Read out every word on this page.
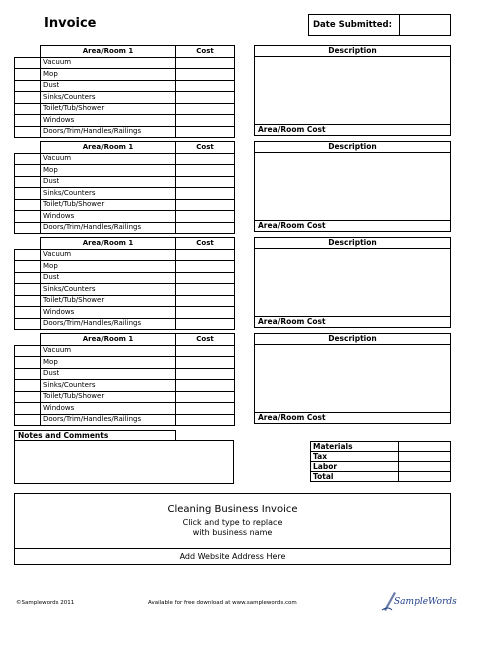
Invoice	Date Submitted:
	Area/Room 1	Cost
	Vacuum	
	Mop	
	Dust	
	Sinks/Counters	
	Toilet/Tub/Shower	
	Windows	
	Doors/Trim/Handles/Railings	
Description
Area/Room Cost
	Area/Room 1	Cost
	Vacuum	
	Mop	
	Dust	
	Sinks/Counters	
	Toilet/Tub/Shower	
	Windows	
	Doors/Trim/Handles/Railings	
Description
Area/Room Cost
	Area/Room 1	Cost
	Vacuum	
	Mop	
	Dust	
	Sinks/Counters	
	Toilet/Tub/Shower	
	Windows	
	Doors/Trim/Handles/Railings	
Description
Area/Room Cost
	Area/Room 1	Cost
	Vacuum	
	Mop	
	Dust	
	Sinks/Counters	
	Toilet/Tub/Shower	
	Windows	
	Doors/Trim/Handles/Railings	
Description
Area/Room Cost
Notes and Comments
Materials	
Tax	
Labor	
Total	
Cleaning Business Invoice
Click and type to replace
with business name
Add Website Address Here
©Samplewords 2011	Available for free download at www.samplewords.com	SampleWords
